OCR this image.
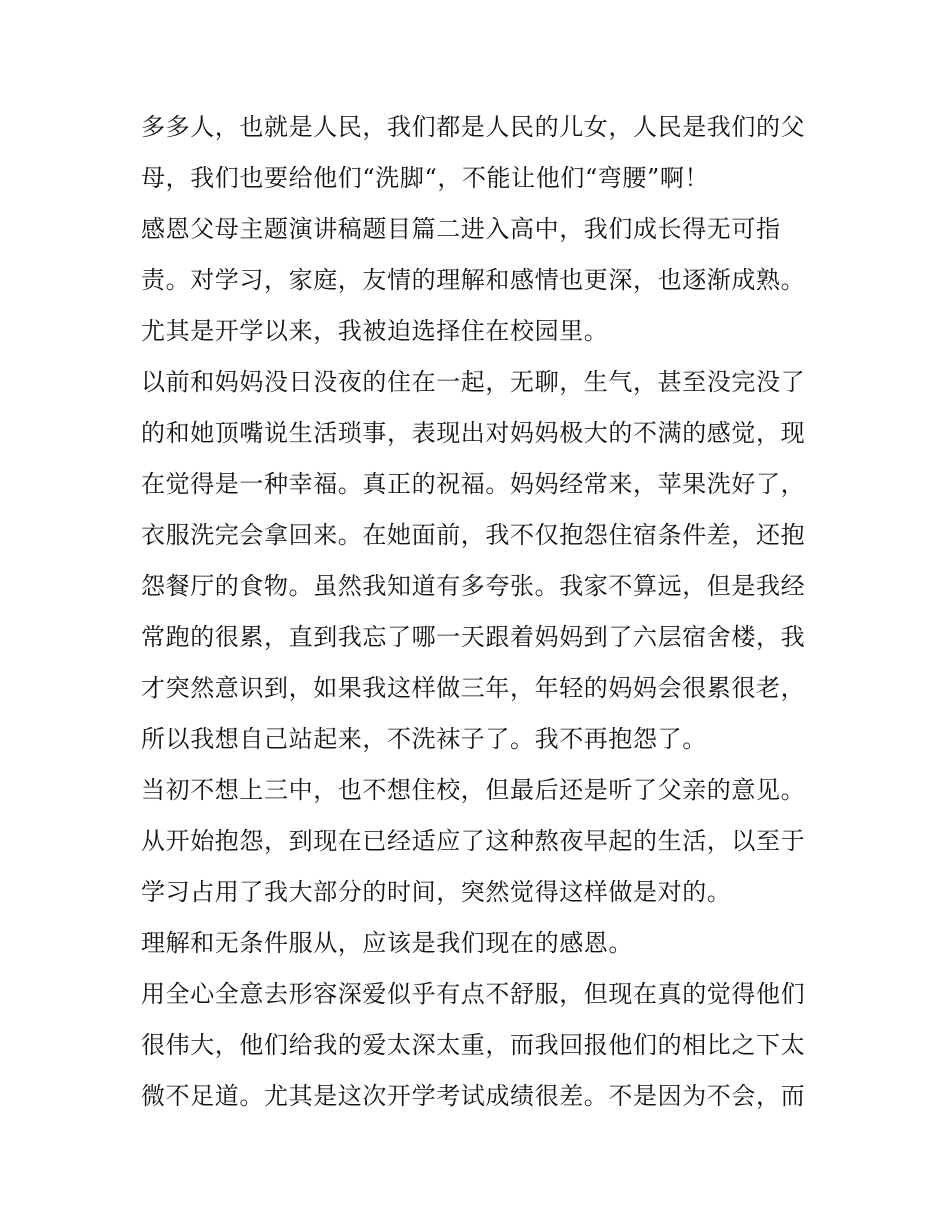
多多人，也就是人民，我们都是人民的儿女，人民是我们的父
母，我们也要给他们“洗脚“，不能让他们“弯腰”啊！
感恩父母主题演讲稿题目篇二进入高中，我们成长得无可指
责。对学习，家庭，友情的理解和感情也更深，也逐渐成熟。
尤其是开学以来，我被迫选择住在校园里。
以前和妈妈没日没夜的住在一起，无聊，生气，甚至没完没了
的和她顶嘴说生活琐事，表现出对妈妈极大的不满的感觉，现
在觉得是一种幸福。真正的祝福。妈妈经常来，苹果洗好了，
衣服洗完会拿回来。在她面前，我不仅抱怨住宿条件差，还抱
怨餐厅的食物。虽然我知道有多夸张。我家不算远，但是我经
常跑的很累，直到我忘了哪一天跟着妈妈到了六层宿舍楼，我
才突然意识到，如果我这样做三年，年轻的妈妈会很累很老，
所以我想自己站起来，不洗袜子了。我不再抱怨了。
当初不想上三中，也不想住校，但最后还是听了父亲的意见。
从开始抱怨，到现在已经适应了这种熬夜早起的生活，以至于
学习占用了我大部分的时间，突然觉得这样做是对的。
理解和无条件服从，应该是我们现在的感恩。
用全心全意去形容深爱似乎有点不舒服，但现在真的觉得他们
很伟大，他们给我的爱太深太重，而我回报他们的相比之下太
微不足道。尤其是这次开学考试成绩很差。不是因为不会，而
